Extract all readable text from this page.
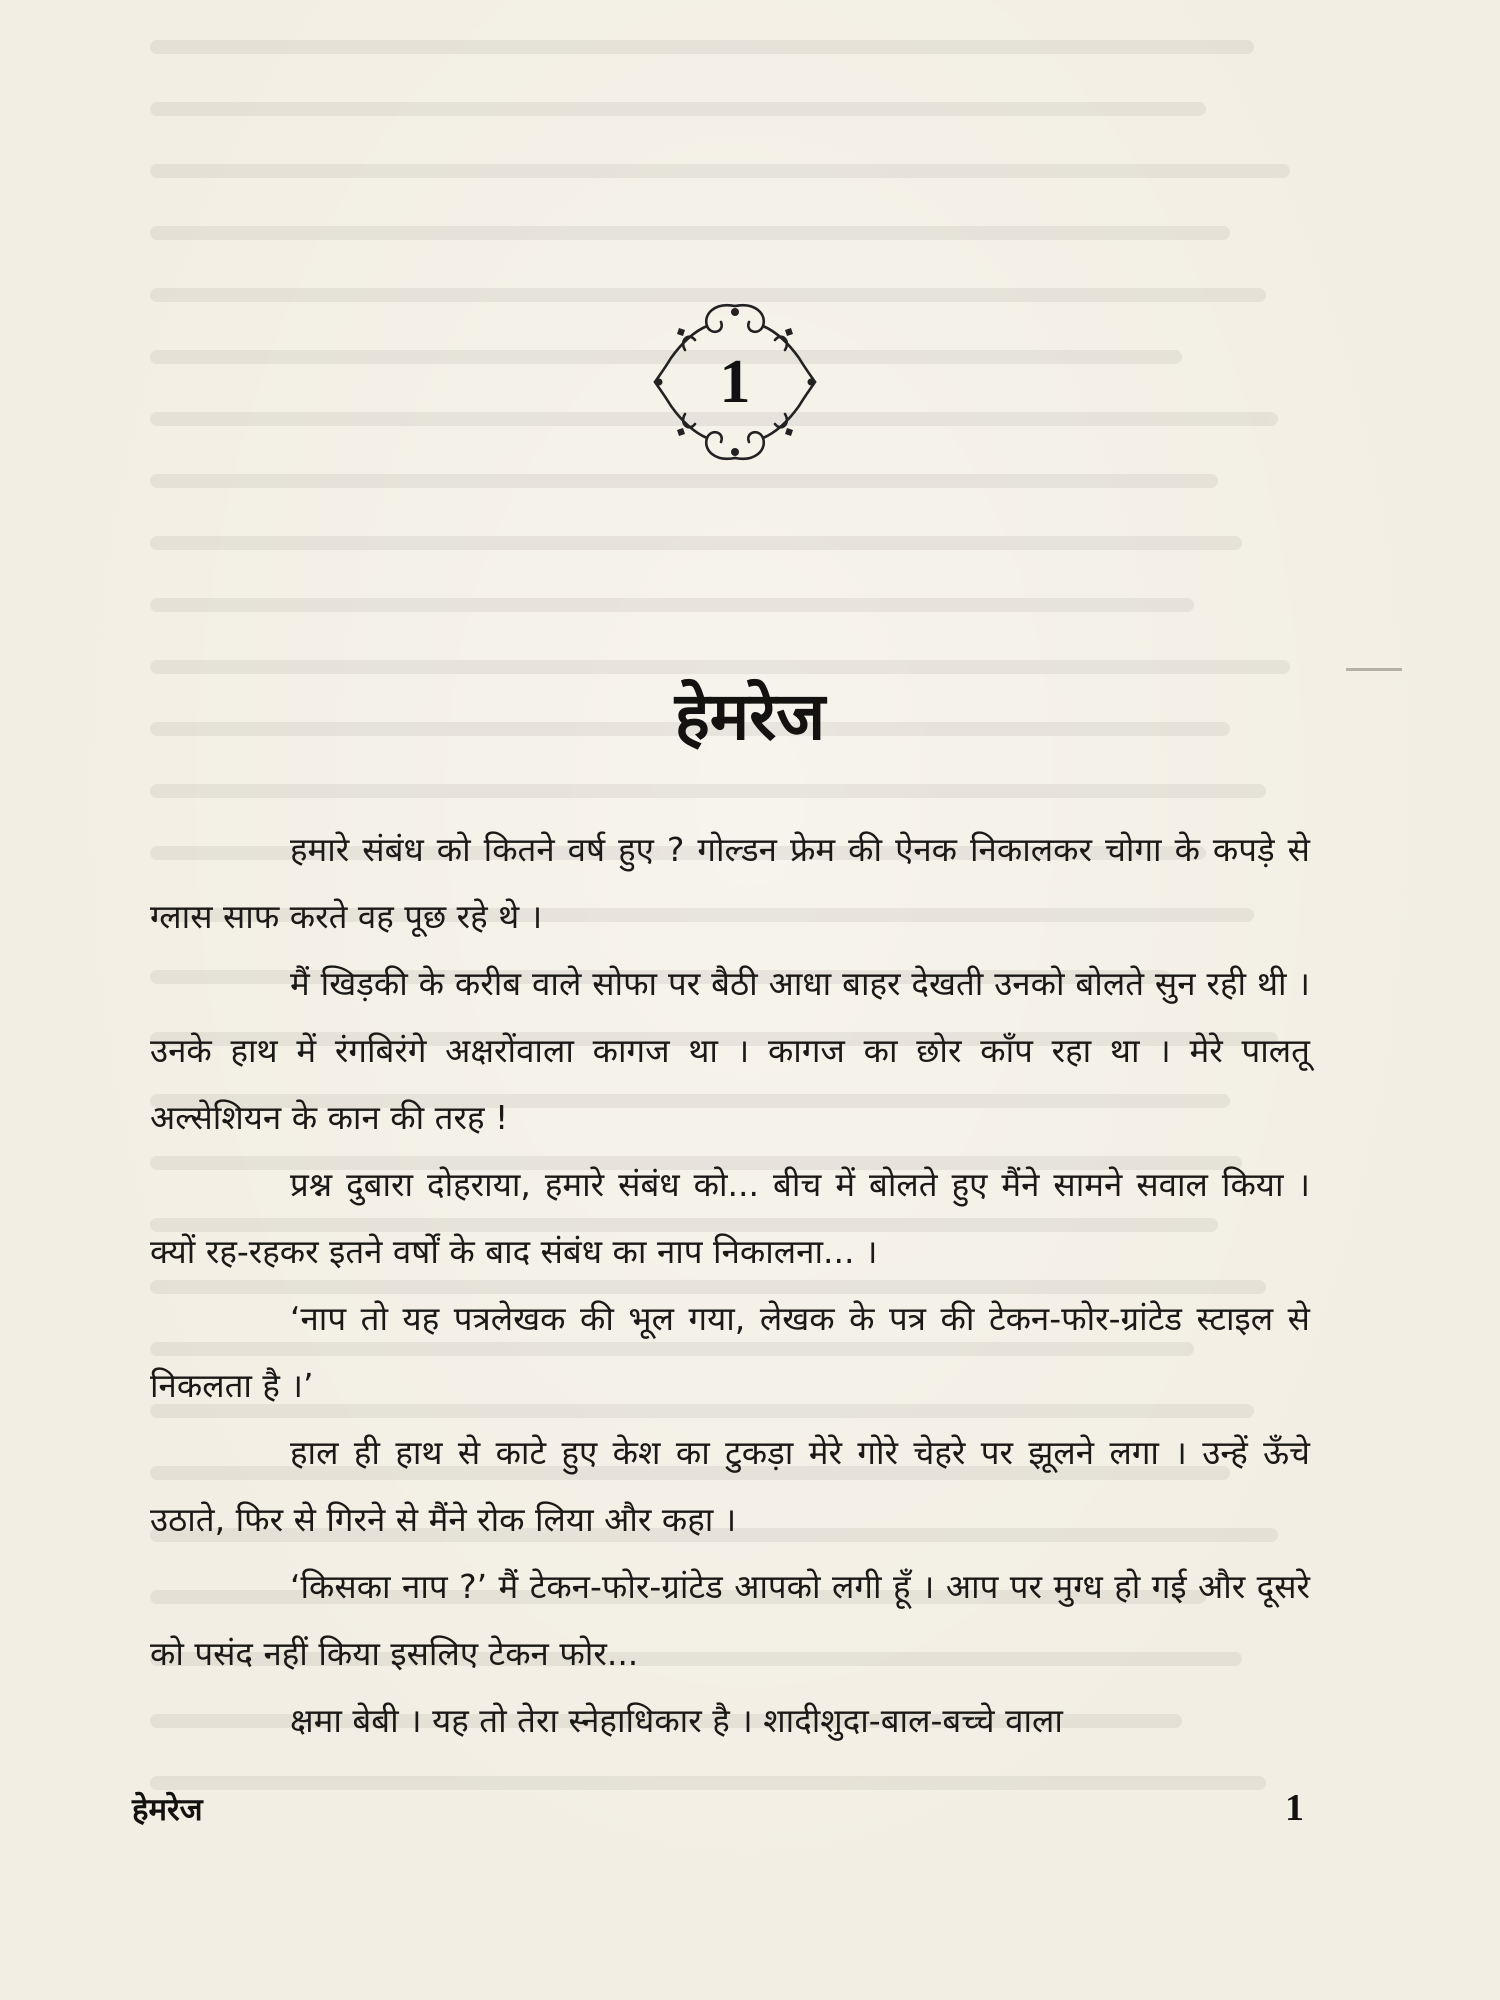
1
हेमरेज

हमारे संबंध को कितने वर्ष हुए ? गोल्डन फ्रेम की ऐनक निकालकर चोगा के कपड़े से ग्लास साफ करते वह पूछ रहे थे ।

मैं खिड़की के करीब वाले सोफा पर बैठी आधा बाहर देखती उनको बोलते सुन रही थी । उनके हाथ में रंगबिरंगे अक्षरोंवाला कागज था । कागज का छोर काँप रहा था । मेरे पालतू अल्सेशियन के कान की तरह !

प्रश्न दुबारा दोहराया, हमारे संबंध को... बीच में बोलते हुए मैंने सामने सवाल किया । क्यों रह-रहकर इतने वर्षों के बाद संबंध का नाप निकालना... ।

‘नाप तो यह पत्रलेखक की भूल गया, लेखक के पत्र की टेकन-फोर-ग्रांटेड स्टाइल से निकलता है ।’

हाल ही हाथ से काटे हुए केश का टुकड़ा मेरे गोरे चेहरे पर झूलने लगा । उन्हें ऊँचे उठाते, फिर से गिरने से मैंने रोक लिया और कहा ।

‘किसका नाप ?’ मैं टेकन-फोर-ग्रांटेड आपको लगी हूँ । आप पर मुग्ध हो गई और दूसरे को पसंद नहीं किया इसलिए टेकन फोर...

क्षमा बेबी । यह तो तेरा स्नेहाधिकार है । शादीशुदा-बाल-बच्चे वाला

हेमरेज	1
